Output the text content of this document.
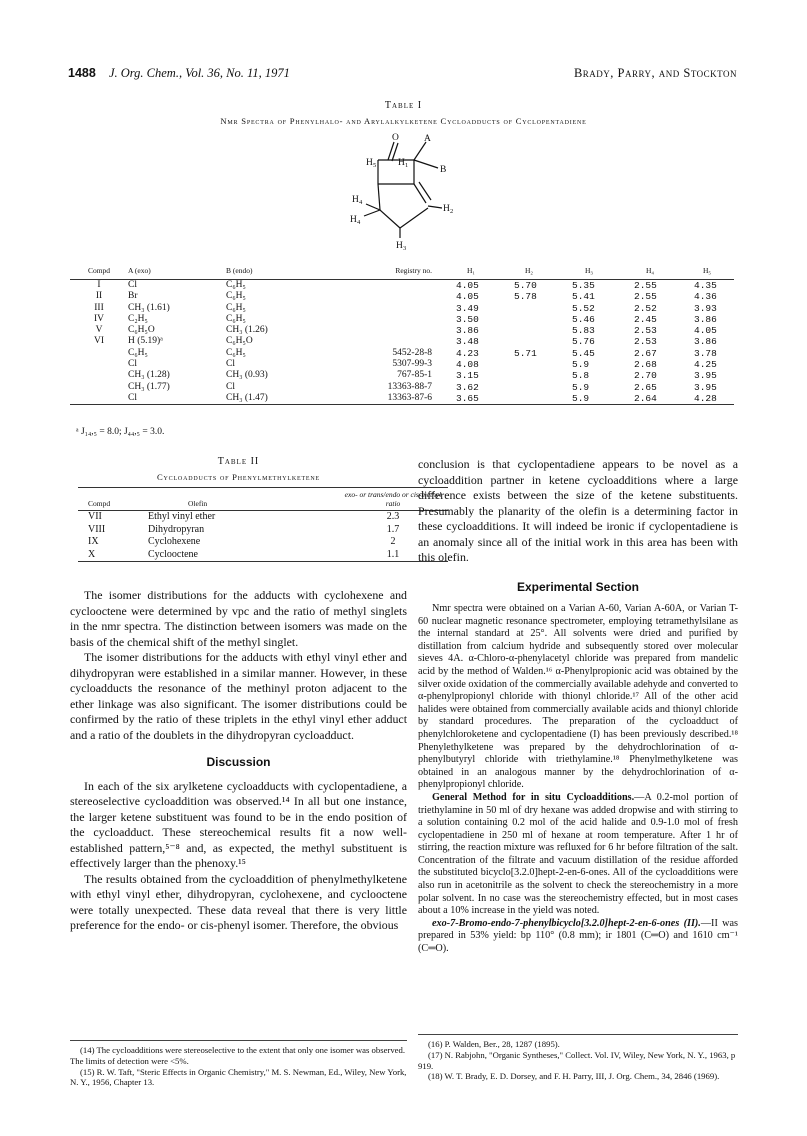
1488 J. Org. Chem., Vol. 36, No. 11, 1971	Brady, Parry, and Stockton
Table I
Nmr Spectra of Phenylhalo- and Arylalkylketene Cycloadducts of Cyclopentadiene
O	A
B
H 5 H 1
H 4
H 4
H 2
H 3
Compd	A (exo)	B (endo)	Registry no.	H₁	H₂	H₃	H₄	H₅
I	Cl	C₆H₅		4.05	5.70	5.35	2.55	4.35
II	Br	C₆H₅		4.05	5.78	5.41	2.55	4.36
III	CH₃ (1.61)	C₆H₅		3.49		5.52	2.52	3.93
IV	C₂H₅	C₆H₅		3.50		5.46	2.45	3.86
V	C₆H₅O	CH₃ (1.26)		3.86		5.83	2.53	4.05
VI	H (5.19)ᵃ	C₆H₅O		3.48		5.76	2.53	3.86
	C₆H₅	C₆H₅	5452-28-8	4.23	5.71	5.45	2.67	3.78
	Cl	Cl	5307-99-3	4.08		5.9	2.68	4.25
	CH₃ (1.28)	CH₃ (0.93)	767-85-1	3.15		5.8	2.70	3.95
	CH₃ (1.77)	Cl	13363-88-7	3.62		5.9	2.65	3.95
	Cl	CH₃ (1.47)	13363-87-6	3.65		5.9	2.64	4.28
ᵃ J₁₄,₅ = 8.0; J₄₄,₅ = 3.0.
Table II
Cycloadducts of Phenylmethylketene
Compd	Olefin	exo- or trans/endo or cis-methyl ratio
VII	Ethyl vinyl ether	2.3
VIII	Dihydropyran	1.7
IX	Cyclohexene	2
X	Cyclooctene	1.1

The isomer distributions for the adducts with cyclohexene and cyclooctene were determined by vpc and the ratio of methyl singlets in the nmr spectra. The distinction between isomers was made on the basis of the chemical shift of the methyl singlet.

The isomer distributions for the adducts with ethyl vinyl ether and dihydropyran were established in a similar manner. However, in these cycloadducts the resonance of the methinyl proton adjacent to the ether linkage was also significant. The isomer distributions could be confirmed by the ratio of these triplets in the ethyl vinyl ether adduct and a ratio of the doublets in the dihydropyran cycloadduct.

Discussion

In each of the six arylketene cycloadducts with cyclopentadiene, a stereoselective cycloaddition was observed.¹⁴ In all but one instance, the larger ketene substituent was found to be in the endo position of the cycloadduct. These stereochemical results fit a now well-established pattern,⁵⁻⁸ and, as expected, the methyl substituent is effectively larger than the phenoxy.¹⁵

The results obtained from the cycloaddition of phenylmethylketene with ethyl vinyl ether, dihydropyran, cyclohexene, and cyclooctene were totally unexpected. These data reveal that there is very little preference for the endo- or cis-phenyl isomer. Therefore, the obvious

(14) The cycloadditions were stereoselective to the extent that only one isomer was observed. The limits of detection were <5%.

(15) R. W. Taft, "Steric Effects in Organic Chemistry," M. S. Newman, Ed., Wiley, New York, N. Y., 1956, Chapter 13.

conclusion is that cyclopentadiene appears to be novel as a cycloaddition partner in ketene cycloadditions where a large difference exists between the size of the ketene substituents. Presumably the planarity of the olefin is a determining factor in these cycloadditions. It will indeed be ironic if cyclopentadiene is an anomaly since all of the initial work in this area has been with this olefin.

Experimental Section

Nmr spectra were obtained on a Varian A-60, Varian A-60A, or Varian T-60 nuclear magnetic resonance spectrometer, employing tetramethylsilane as the internal standard at 25°. All solvents were dried and purified by distillation from calcium hydride and subsequently stored over molecular sieves 4A. α-Chloro-α-phenylacetyl chloride was prepared from mandelic acid by the method of Walden.¹⁶ α-Phenylpropionic acid was obtained by the silver oxide oxidation of the commercially available adehyde and converted to α-phenylpropionyl chloride with thionyl chloride.¹⁷ All of the other acid halides were obtained from commercially available acids and thionyl chloride by standard procedures. The preparation of the cycloadduct of phenylchloroketene and cyclopentadiene (I) has been previously described.¹⁸ Phenylethylketene was prepared by the dehydrochlorination of α-phenylbutyryl chloride with triethylamine.¹⁸ Phenylmethylketene was obtained in an analogous manner by the dehydrochlorination of α-phenylpropionyl chloride.

General Method for in situ Cycloadditions.—A 0.2-mol portion of triethylamine in 50 ml of dry hexane was added dropwise and with stirring to a solution containing 0.2 mol of the acid halide and 0.9-1.0 mol of fresh cyclopentadiene in 250 ml of hexane at room temperature. After 1 hr of stirring, the reaction mixture was refluxed for 6 hr before filtration of the salt. Concentration of the filtrate and vacuum distillation of the residue afforded the substituted bicyclo[3.2.0]hept-2-en-6-ones. All of the cycloadditions were also run in acetonitrile as the solvent to check the stereochemistry in a more polar solvent. In no case was the stereochemistry effected, but in most cases about a 10% increase in the yield was noted.

exo-7-Bromo-endo-7-phenylbicyclo[3.2.0]hept-2-en-6-ones (II).—II was prepared in 53% yield: bp 110° (0.8 mm); ir 1801 (C═O) and 1610 cm⁻¹ (C═O).

(16) P. Walden, Ber., 28, 1287 (1895).

(17) N. Rabjohn, "Organic Syntheses," Collect. Vol. IV, Wiley, New York, N. Y., 1963, p 919.

(18) W. T. Brady, E. D. Dorsey, and F. H. Parry, III, J. Org. Chem., 34, 2846 (1969).
